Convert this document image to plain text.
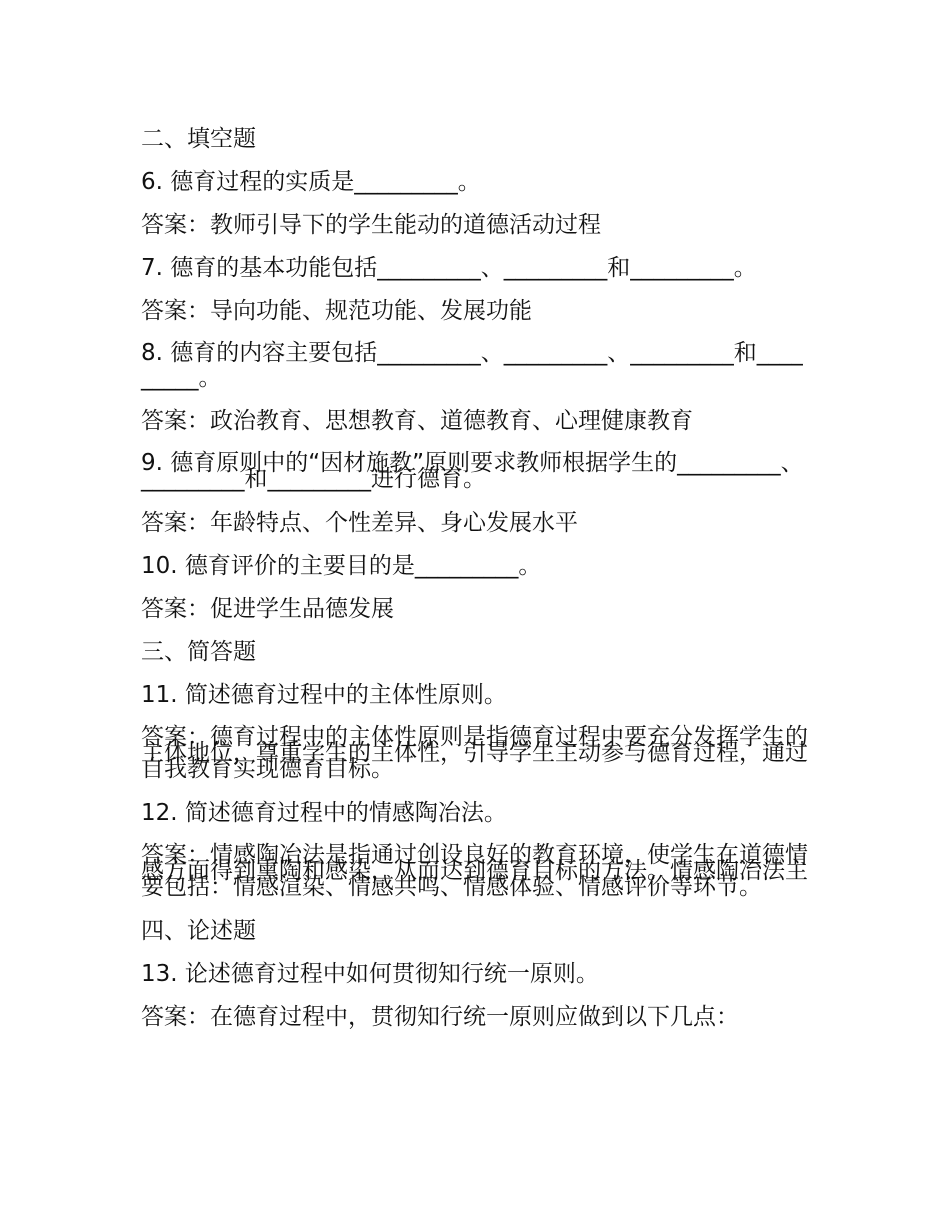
二、填空题
6. 德育过程的实质是_________。
答案：教师引导下的学生能动的道德活动过程
7. 德育的基本功能包括_________、_________和_________。
答案：导向功能、规范功能、发展功能
8. 德育的内容主要包括_________、_________、_________和_________。
答案：政治教育、思想教育、道德教育、心理健康教育
9. 德育原则中的“因材施教”原则要求教师根据学生的_________、_________和_________进行德育。
答案：年龄特点、个性差异、身心发展水平
10. 德育评价的主要目的是_________。
答案：促进学生品德发展
三、简答题
11. 简述德育过程中的主体性原则。
答案：德育过程中的主体性原则是指德育过程中要充分发挥学生的主体地位，尊重学生的主体性，引导学生主动参与德育过程，通过自我教育实现德育目标。
12. 简述德育过程中的情感陶冶法。
答案：情感陶冶法是指通过创设良好的教育环境，使学生在道德情感方面得到熏陶和感染，从而达到德育目标的方法。情感陶冶法主要包括：情感渲染、情感共鸣、情感体验、情感评价等环节。
四、论述题
13. 论述德育过程中如何贯彻知行统一原则。
答案：在德育过程中，贯彻知行统一原则应做到以下几点：
